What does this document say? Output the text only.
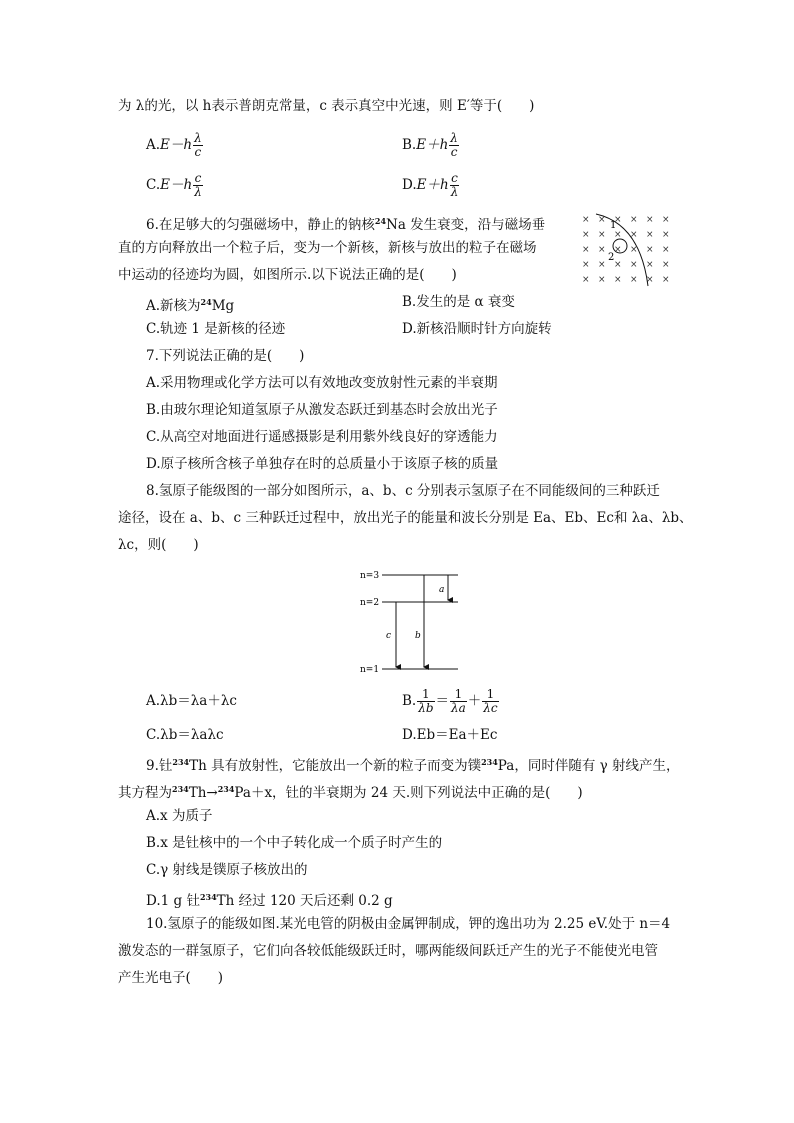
为 λ的光，以 h表示普朗克常量，c 表示真空中光速，则 E′等于(　　)
$A.E-h \frac{\lambda}{c}$	$B.E+h \frac{\lambda}{c}$
$C.E-h \frac{c}{\lambda}$	$D.E+h \frac{c}{\lambda}$
6.在足够大的匀强磁场中，静止的钠核$^{24}$Na 发生衰变，沿与磁场垂
直的方向释放出一个粒子后，变为一个新核，新核与放出的粒子在磁场
中运动的径迹均为圆，如图所示.以下说法正确的是(　　)
× × × × × ×
× × × × × ×
× × × × × ×
× × × × × ×
× × × × × ×
1
2
A.新核为$^{24}$Mg	B.发生的是 α 衰变
C.轨迹 1 是新核的径迹	D.新核沿顺时针方向旋转
7.下列说法正确的是(　　)
A.采用物理或化学方法可以有效地改变放射性元素的半衰期
B.由玻尔理论知道氢原子从激发态跃迁到基态时会放出光子
C.从高空对地面进行遥感摄影是利用紫外线良好的穿透能力
D.原子核所含核子单独存在时的总质量小于该原子核的质量
8.氢原子能级图的一部分如图所示，a、b、c 分别表示氢原子在不同能级间的三种跃迁
途径，设在 a、b、c 三种跃迁过程中，放出光子的能量和波长分别是 Ea、Eb、Ec和 λa、λb、
λc，则(　　)
n=3
n=2
n=1
a
b
c
A.λb＝λa＋λc	B. $\frac{1}{\lambda b} = \frac{1}{\lambda a} + \frac{1}{\lambda c}$
C.λb＝λaλc	D.Eb＝Ea＋Ec
9.钍$^{234}$Th 具有放射性，它能放出一个新的粒子而变为镤$^{234}$Pa，同时伴随有 γ 射线产生，
其方程为$^{234}$Th→$^{234}$Pa＋x，钍的半衰期为 24 天.则下列说法中正确的是(　　)
A.x 为质子
B.x 是钍核中的一个中子转化成一个质子时产生的
C.γ 射线是镤原子核放出的
D.1 g 钍$^{234}$Th 经过 120 天后还剩 0.2 g
10.氢原子的能级如图.某光电管的阴极由金属钾制成，钾的逸出功为 2.25 eV.处于 n＝4
激发态的一群氢原子，它们向各较低能级跃迁时，哪两能级间跃迁产生的光子不能使光电管
产生光电子(　　)
